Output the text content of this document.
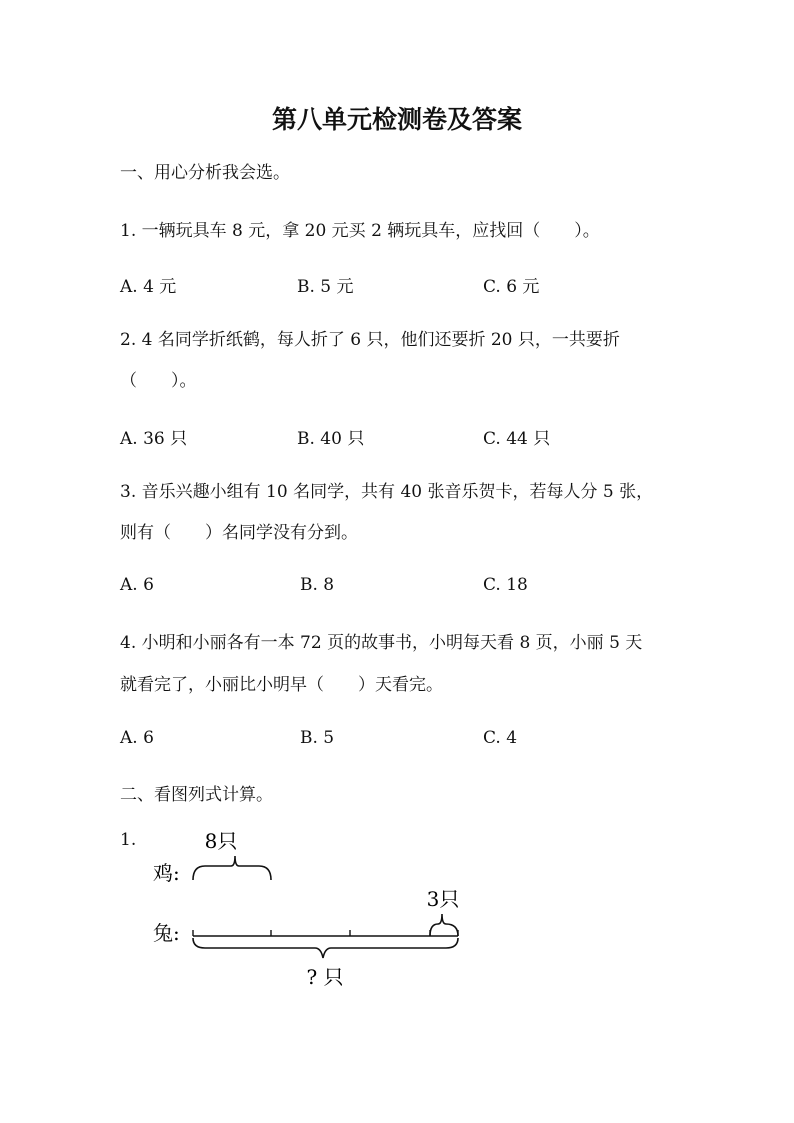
第八单元检测卷及答案
一、用心分析我会选。
1. 一辆玩具车 8 元，拿 20 元买 2 辆玩具车，应找回（　　）。
A. 4 元	B. 5 元	C. 6 元
2. 4 名同学折纸鹤，每人折了 6 只，他们还要折 20 只，一共要折
（　　）。
A. 36 只	B. 40 只	C. 44 只
3. 音乐兴趣小组有 10 名同学，共有 40 张音乐贺卡，若每人分 5 张，
则有（　　）名同学没有分到。
A. 6	B. 8	C. 18
4. 小明和小丽各有一本 72 页的故事书，小明每天看 8 页，小丽 5 天
就看完了，小丽比小明早（　　）天看完。
A. 6	B. 5	C. 4
二、看图列式计算。
1.	8只
鸡:
3只
兔:
? 只
